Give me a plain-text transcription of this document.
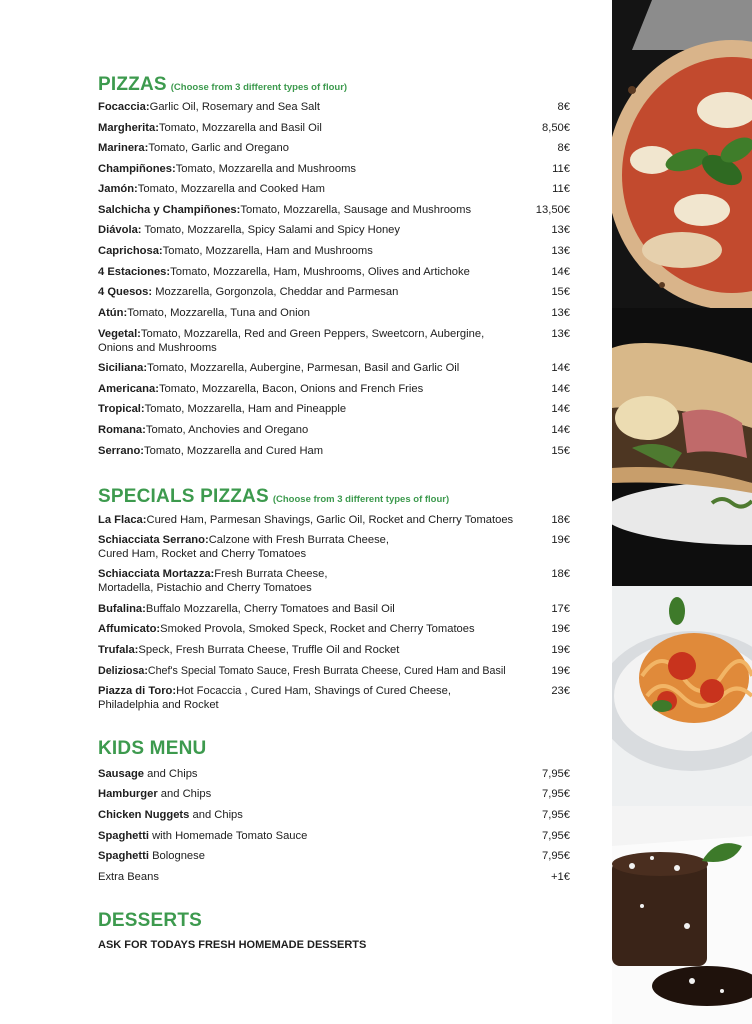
PIZZAS (Choose from 3 different types of flour)
Focaccia:Garlic Oil, Rosemary and Sea Salt	8€
Margherita:Tomato, Mozzarella and Basil Oil	8,50€
Marinera:Tomato, Garlic and Oregano	8€
Champiñones:Tomato, Mozzarella and Mushrooms	11€
Jamón:Tomato, Mozzarella and Cooked Ham	11€
Salchicha y Champiñones:Tomato, Mozzarella, Sausage and Mushrooms	13,50€
Diávola: Tomato, Mozzarella, Spicy Salami and Spicy Honey	13€
Caprichosa:Tomato, Mozzarella, Ham and Mushrooms	13€
4 Estaciones:Tomato, Mozzarella, Ham, Mushrooms, Olives and Artichoke	14€
4 Quesos: Mozzarella, Gorgonzola, Cheddar and Parmesan	15€
Atún:Tomato, Mozzarella, Tuna and Onion	13€
Vegetal:Tomato, Mozzarella, Red and Green Peppers, Sweetcorn, Aubergine, Onions and Mushrooms
13€
Siciliana:Tomato, Mozzarella, Aubergine, Parmesan, Basil and Garlic Oil	14€
Americana:Tomato, Mozzarella, Bacon, Onions and French Fries	14€
Tropical:Tomato, Mozzarella, Ham and Pineapple	14€
Romana:Tomato, Anchovies and Oregano	14€
Serrano:Tomato, Mozzarella and Cured Ham	15€
SPECIALS PIZZAS (Choose from 3 different types of flour)
La Flaca:Cured Ham, Parmesan Shavings, Garlic Oil, Rocket and Cherry Tomatoes	18€
Schiacciata Serrano:Calzone with Fresh Burrata Cheese,
Cured Ham, Rocket and Cherry Tomatoes
19€
Schiacciata Mortazza:Fresh Burrata Cheese,
Mortadella, Pistachio and Cherry Tomatoes
18€
Bufalina:Buffalo Mozzarella, Cherry Tomatoes and Basil Oil	17€
Affumicato:Smoked Provola, Smoked Speck, Rocket and Cherry Tomatoes	19€
Trufala:Speck, Fresh Burrata Cheese, Truffle Oil and Rocket	19€
Deliziosa:Chef's Special Tomato Sauce, Fresh Burrata Cheese, Cured Ham and Basil	19€
Piazza di Toro:Hot Focaccia , Cured Ham, Shavings of Cured Cheese,
Philadelphia and Rocket
23€
KIDS MENU
Sausage and Chips	7,95€
Hamburger and Chips	7,95€
Chicken Nuggets and Chips	7,95€
Spaghetti with Homemade Tomato Sauce	7,95€
Spaghetti Bolognese	7,95€
Extra Beans	+1€
DESSERTS
ASK FOR TODAYS FRESH HOMEMADE DESSERTS
